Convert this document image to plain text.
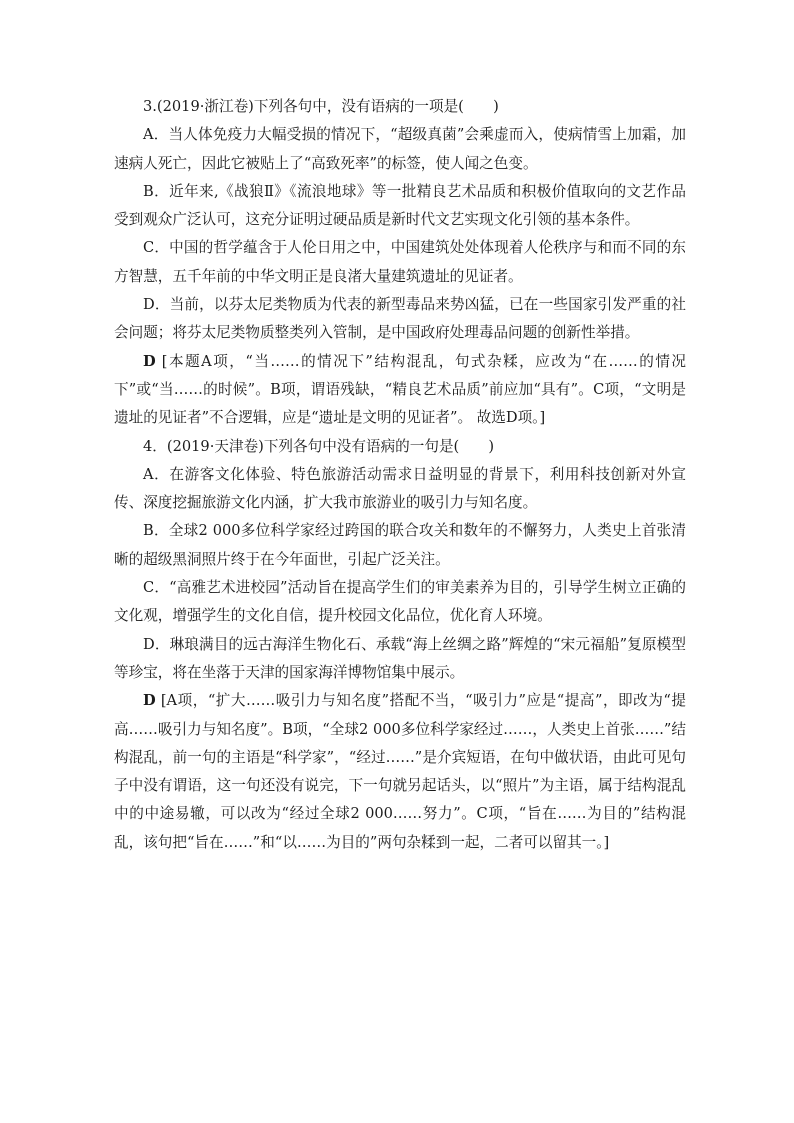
3.(2019·浙江卷)下列各句中，没有语病的一项是(　　)

A．当人体免疫力大幅受损的情况下，“超级真菌”会乘虚而入，使病情雪上加霜，加速病人死亡，因此它被贴上了“高致死率”的标签，使人闻之色变。

B．近年来,《战狼Ⅱ》《流浪地球》等一批精良艺术品质和积极价值取向的文艺作品受到观众广泛认可，这充分证明过硬品质是新时代文艺实现文化引领的基本条件。

C．中国的哲学蕴含于人伦日用之中，中国建筑处处体现着人伦秩序与和而不同的东方智慧，五千年前的中华文明正是良渚大量建筑遗址的见证者。

D．当前，以芬太尼类物质为代表的新型毒品来势凶猛，已在一些国家引发严重的社会问题；将芬太尼类物质整类列入管制，是中国政府处理毒品问题的创新性举措。

D [本题A项，“当……的情况下”结构混乱，句式杂糅，应改为“在……的情况下”或“当……的时候”。B项，谓语残缺，“精良艺术品质”前应加“具有”。C项，“文明是遗址的见证者”不合逻辑，应是“遗址是文明的见证者”。 故选D项。]

4．(2019·天津卷)下列各句中没有语病的一句是(　　)

A．在游客文化体验、特色旅游活动需求日益明显的背景下，利用科技创新对外宣传、深度挖掘旅游文化内涵，扩大我市旅游业的吸引力与知名度。

B．全球2 000多位科学家经过跨国的联合攻关和数年的不懈努力，人类史上首张清晰的超级黑洞照片终于在今年面世，引起广泛关注。

C．“高雅艺术进校园”活动旨在提高学生们的审美素养为目的，引导学生树立正确的文化观，增强学生的文化自信，提升校园文化品位，优化育人环境。

D．琳琅满目的远古海洋生物化石、承载“海上丝绸之路”辉煌的“宋元福船”复原模型等珍宝，将在坐落于天津的国家海洋博物馆集中展示。

D [A项，“扩大……吸引力与知名度”搭配不当，“吸引力”应是“提高”，即改为“提高……吸引力与知名度”。B项，“全球2 000多位科学家经过……，人类史上首张……”结构混乱，前一句的主语是“科学家”，“经过……”是介宾短语，在句中做状语，由此可见句子中没有谓语，这一句还没有说完，下一句就另起话头，以“照片”为主语，属于结构混乱中的中途易辙，可以改为“经过全球2 000……努力”。C项，“旨在……为目的”结构混乱，该句把“旨在……”和“以……为目的”两句杂糅到一起，二者可以留其一。]
